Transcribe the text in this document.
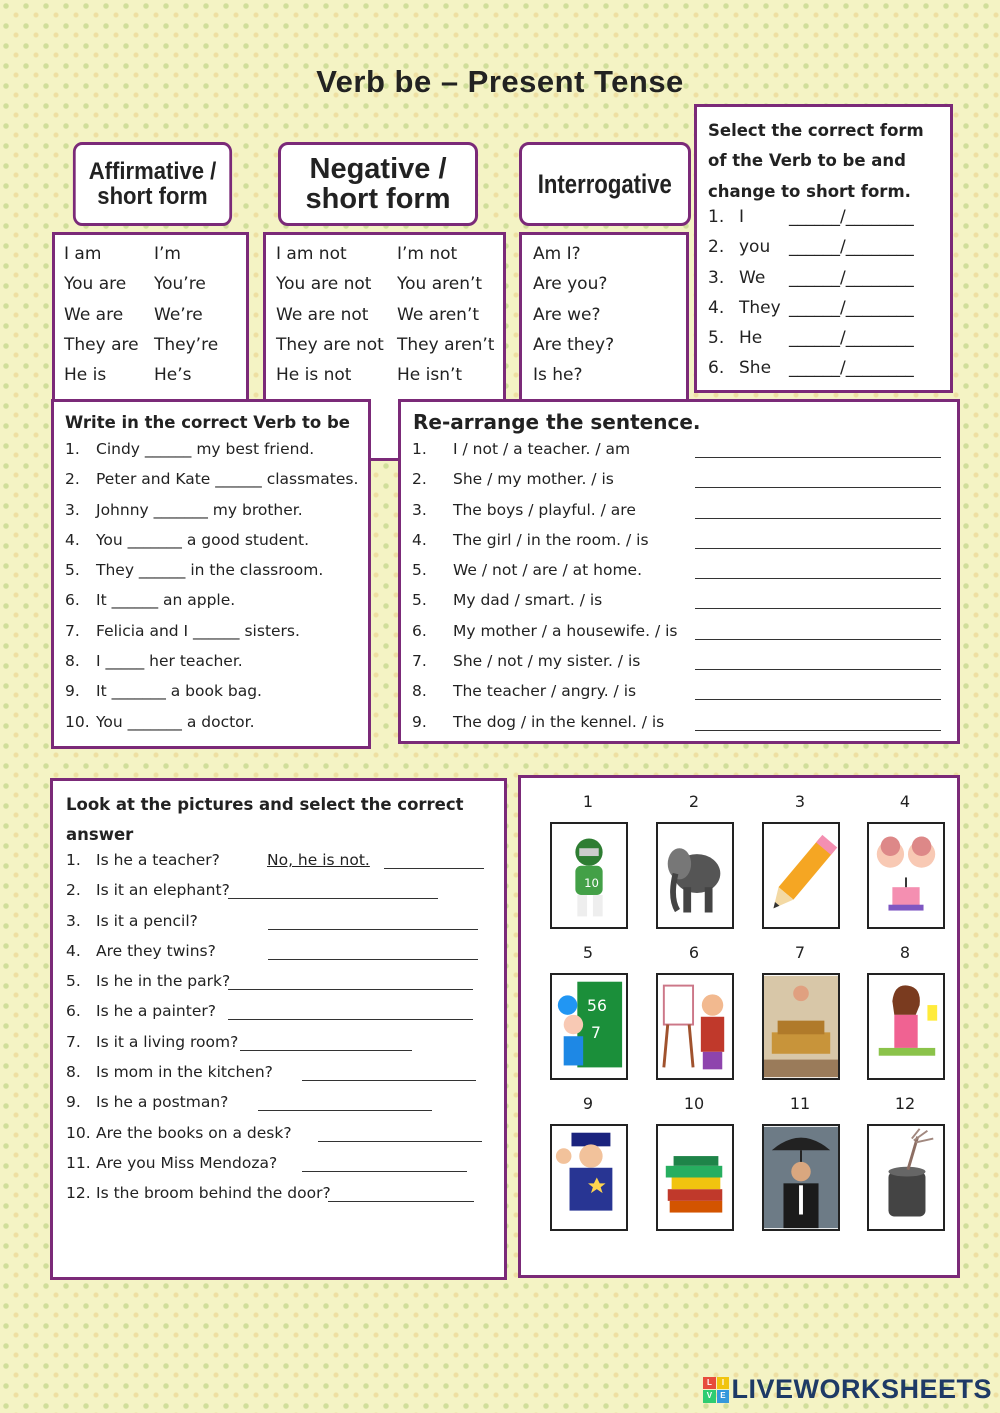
Verb be – Present Tense
Affirmative /
short form
Negative /
short form	Interrogative
I am	I’m
You are You’re
We are We’re
They are They’re
He is	He’s
I am not	I’m not
You are not You aren’t
We are not We aren’t
They are not They aren’t
He is not	He isn’t
Am I?
Are you?
Are we?
Are they?
Is he?
Select the correct form
of the Verb to be and
change to short form.
1. I	______/________
2. you ______/________
3. We ______/________
4. They ______/________
5. He ______/________
6. She ______/________
Write in the correct Verb to be
1. Cindy ______ my best friend.
2. Peter and Kate ______ classmates.
3. Johnny _______ my brother.
4. You _______ a good student.
5. They ______ in the classroom.
6. It ______ an apple.
7. Felicia and I ______ sisters.
8. I _____ her teacher.
9. It _______ a book bag.
10. You _______ a doctor.
Re-arrange the sentence.
1. I / not / a teacher. / am
2. She / my mother. / is
3. The boys / playful. / are
4. The girl / in the room. / is
5. We / not / are / at home.
5. My dad / smart. / is
6. My mother / a housewife. / is
7. She / not / my sister. / is
8. The teacher / angry. / is
9. The dog / in the kennel. / is
Look at the pictures and select the correct
answer
1. Is he a teacher?	No, he is not.
2. Is it an elephant?
3. Is it a pencil?
4. Are they twins?
5. Is he in the park?
6. Is he a painter?
7. Is it a living room?
8. Is mom in the kitchen?
9. Is he a postman?
10. Are the books on a desk?
11. Are you Miss Mendoza?
12. Is the broom behind the door?
1
10
2	3	4
5
56
7
6	7	8
9	10	11	12
L	I
V E LIVEWORKSHEETS
